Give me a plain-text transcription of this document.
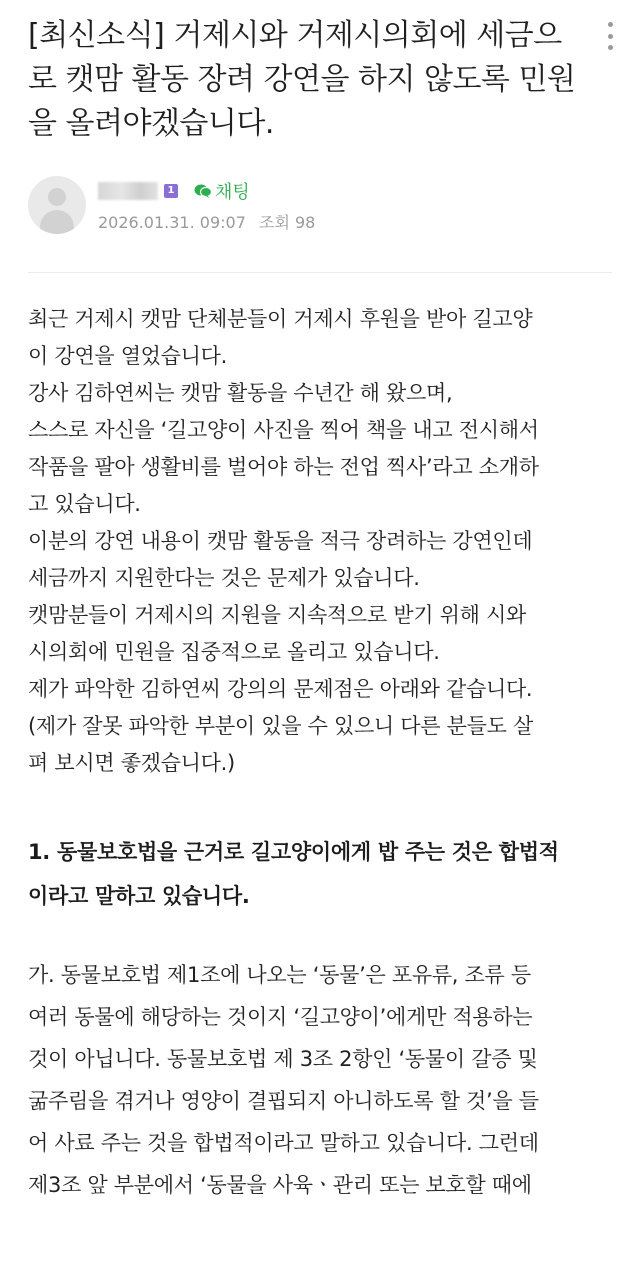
[최신소식] 거제시와 거제시의회에 세금으로 캣맘 활동 장려 강연을 하지 않도록 민원을 올려야겠습니다.
1 채팅
2026.01.31. 09:07 조회 98

최근 거제시 캣맘 단체분들이 거제시 후원을 받아 길고양
이 강연을 열었습니다.
강사 김하연씨는 캣맘 활동을 수년간 해 왔으며,
스스로 자신을 ‘길고양이 사진을 찍어 책을 내고 전시해서
작품을 팔아 생활비를 벌어야 하는 전업 찍사’라고 소개하
고 있습니다.
이분의 강연 내용이 캣맘 활동을 적극 장려하는 강연인데
세금까지 지원한다는 것은 문제가 있습니다.
캣맘분들이 거제시의 지원을 지속적으로 받기 위해 시와
시의회에 민원을 집중적으로 올리고 있습니다.
제가 파악한 김하연씨 강의의 문제점은 아래와 같습니다.
(제가 잘못 파악한 부분이 있을 수 있으니 다른 분들도 살
펴 보시면 좋겠습니다.)

1. 동물보호법을 근거로 길고양이에게 밥 주는 것은 합법적
이라고 말하고 있습니다.
가. 동물보호법 제1조에 나오는 ‘동물’은 포유류, 조류 등
여러 동물에 해당하는 것이지 ‘길고양이’에게만 적용하는
것이 아닙니다. 동물보호법 제 3조 2항인 ‘동물이 갈증 및
굶주림을 겪거나 영양이 결핍되지 아니하도록 할 것’을 들
어 사료 주는 것을 합법적이라고 말하고 있습니다. 그런데
제3조 앞 부분에서 ‘동물을 사육ㆍ관리 또는 보호할 때에
